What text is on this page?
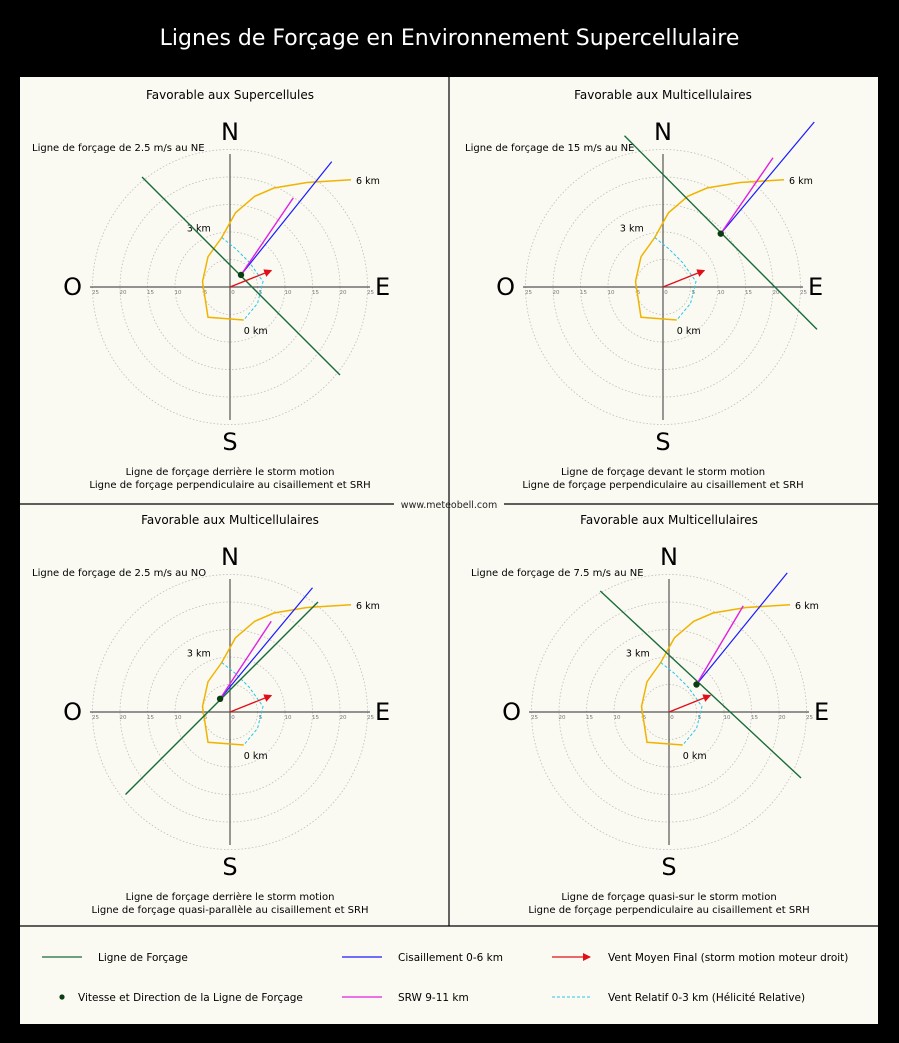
Lignes de Forçage en Environnement Supercellulaire
www.meteobell.com
Favorable aux Supercellules
25	20	15	10	5	0	5	10	15	20	25
N
S
E
O
Ligne de forçage de 2.5 m/s au NE
6 km
3 km
0 km
Ligne de forçage derrière le storm motion
Ligne de forçage perpendiculaire au cisaillement et SRH
Favorable aux Multicellulaires
25	20	15	10	5	0	5	10	15	20	25
N
S
E
O
Ligne de forçage de 15 m/s au NE
6 km
3 km
0 km
Ligne de forçage devant le storm motion
Ligne de forçage perpendiculaire au cisaillement et SRH
Favorable aux Multicellulaires
25	20	15	10	5	0	5	10	15	20	25
N
S
E
O
Ligne de forçage de 2.5 m/s au NO
6 km
3 km
0 km
Ligne de forçage derrière le storm motion
Ligne de forçage quasi-parallèle au cisaillement et SRH
Favorable aux Multicellulaires
25	20	15	10	5	0	5	10	15	20	25
N
S
E
O
Ligne de forçage de 7.5 m/s au NE
6 km
3 km
0 km
Ligne de forçage quasi-sur le storm motion
Ligne de forçage perpendiculaire au cisaillement et SRH
Ligne de Forçage	Cisaillement 0-6 km	Vent Moyen Final (storm motion moteur droit)
Vitesse et Direction de la Ligne de Forçage	SRW 9-11 km	Vent Relatif 0-3 km (Hélicité Relative)
